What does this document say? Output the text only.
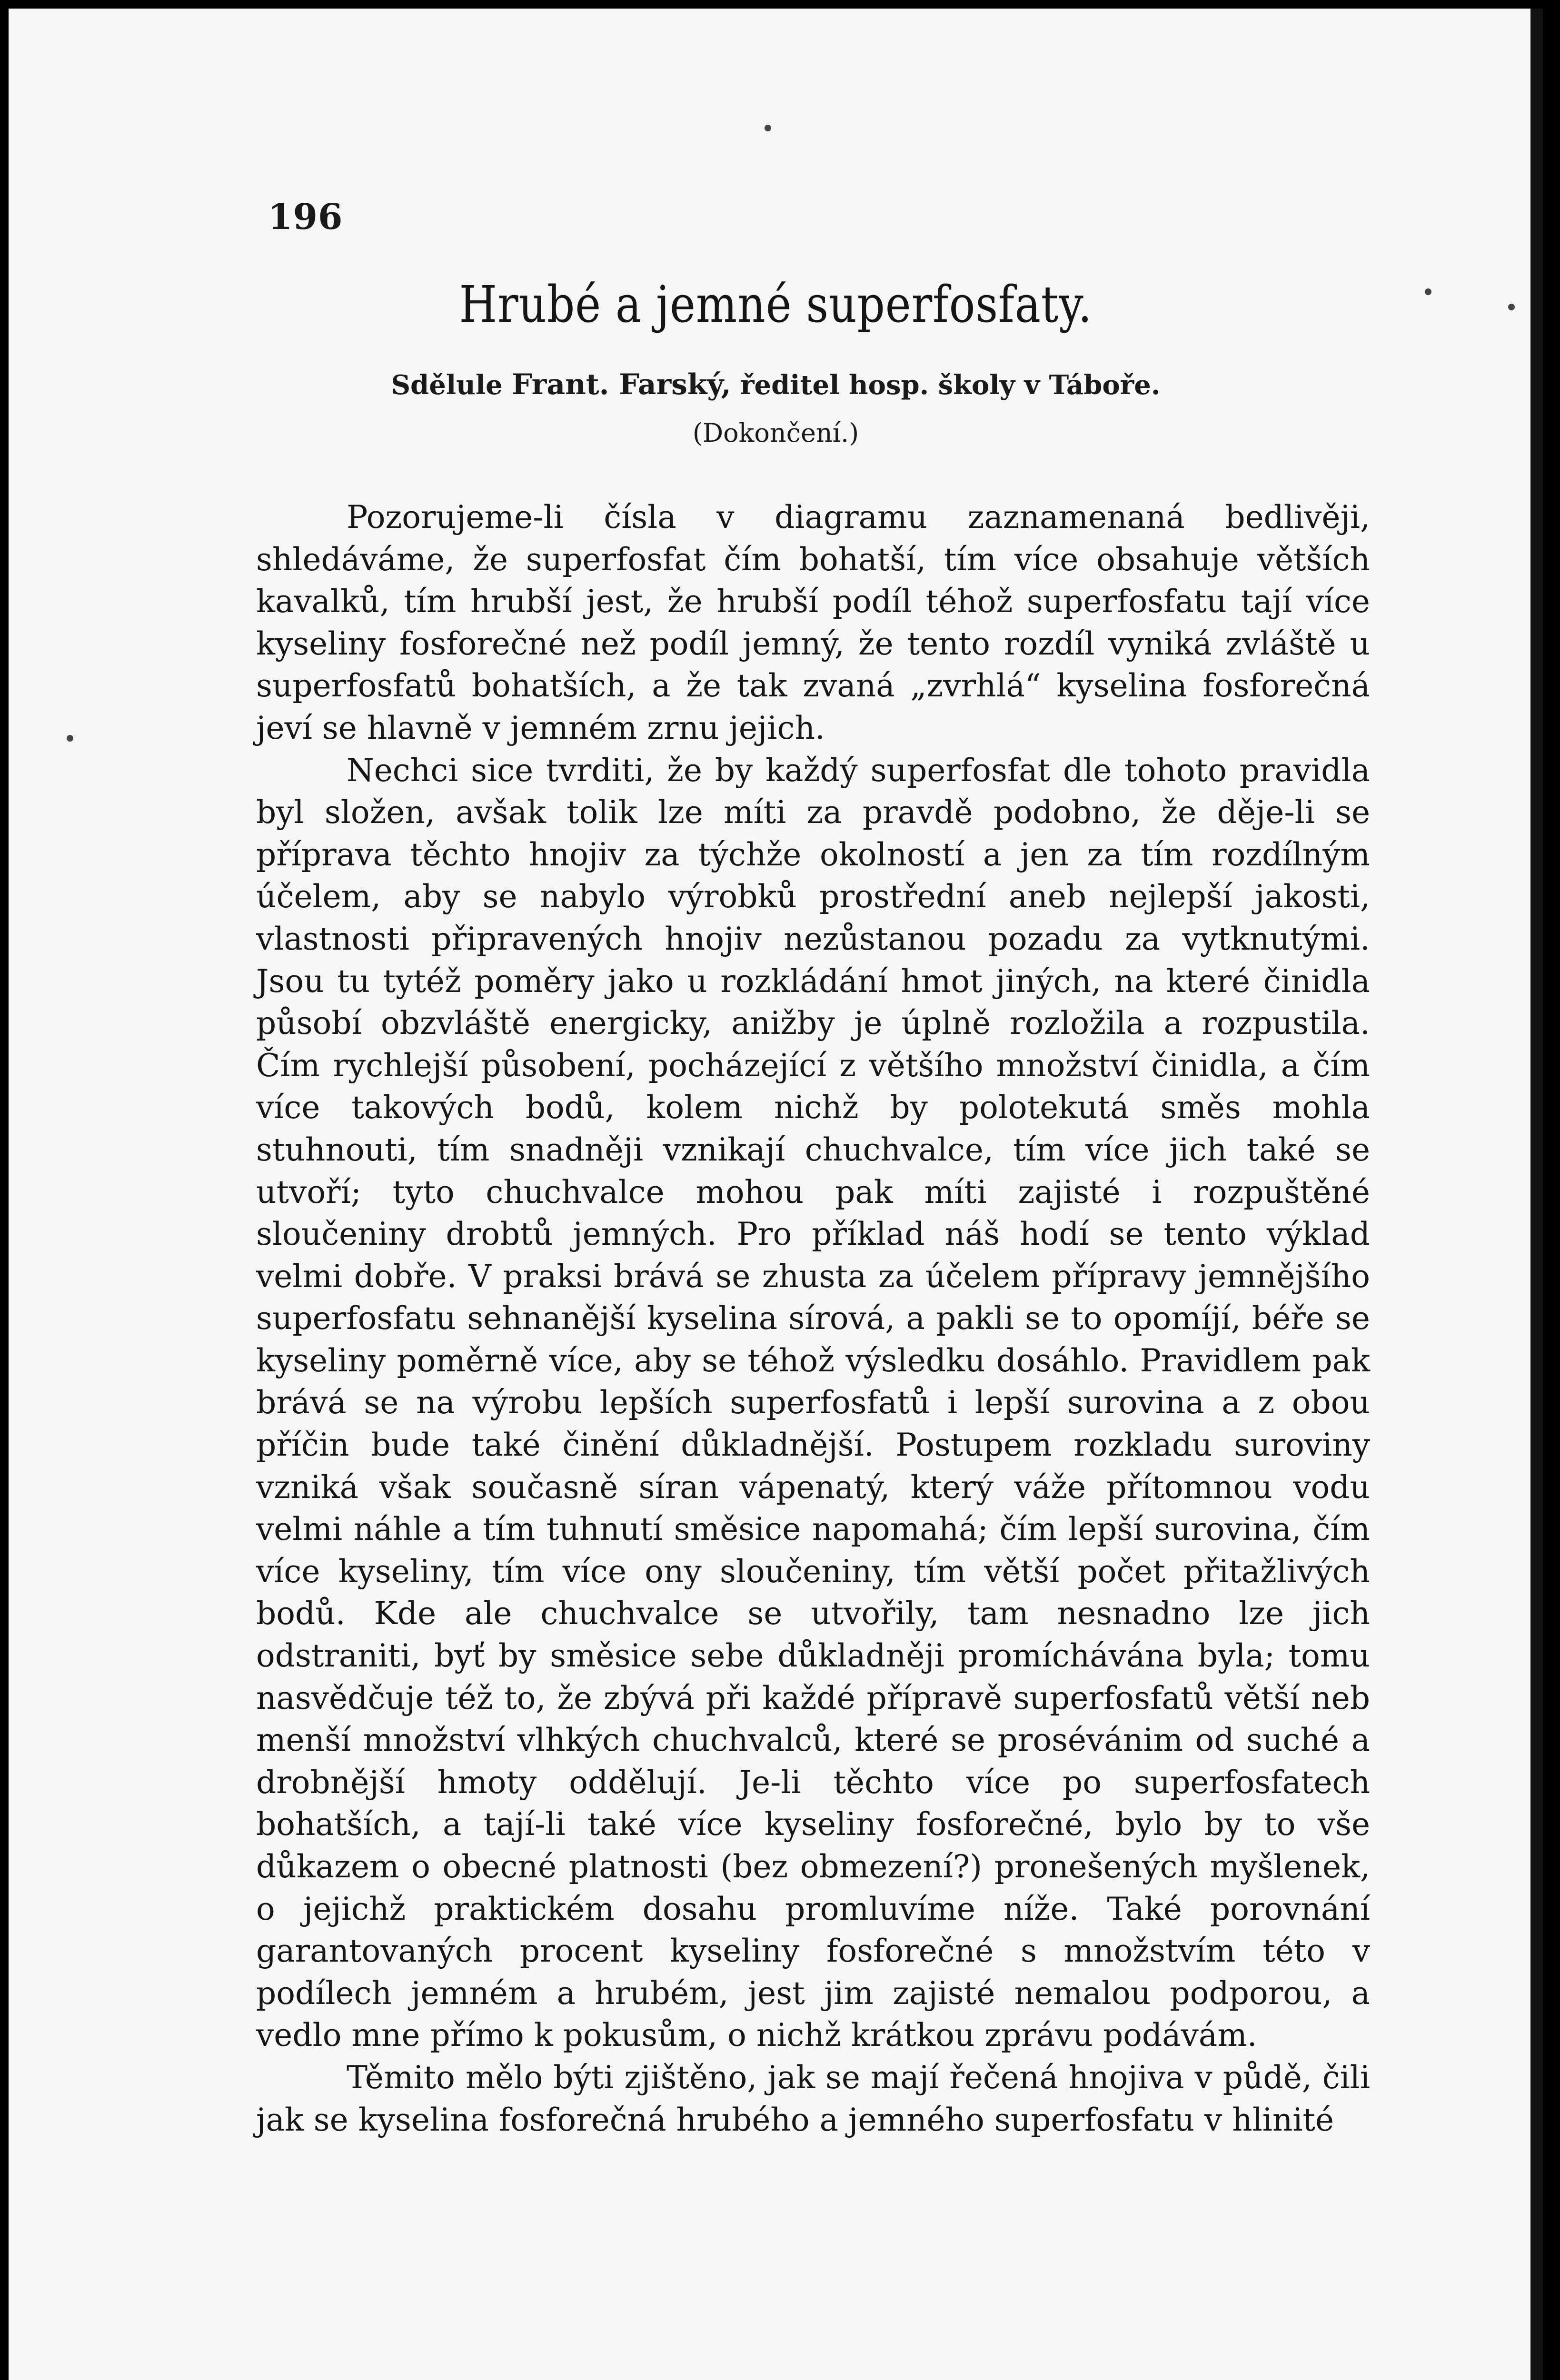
196
Hrubé a jemné superfosfaty.
Sdělule Frant. Farský, ředitel hosp. školy v Táboře.
(Dokončení.)

Pozorujeme-li čísla v diagramu zaznamenaná bedlivěji, shledáváme, že superfosfat čím bohatší, tím více obsahuje větších kavalků, tím hrubší jest, že hrubší podíl téhož superfosfatu tají více kyseliny fosforečné než podíl jemný, že tento rozdíl vyniká zvláště u superfosfatů bohatších, a že tak zvaná „zvrhlá“ kyselina fosforečná jeví se hlavně v jemném zrnu jejich.

Nechci sice tvrditi, že by každý superfosfat dle tohoto pravidla byl složen, avšak tolik lze míti za pravdě podobno, že děje-li se příprava těchto hnojiv za týchže okolností a jen za tím rozdílným účelem, aby se nabylo výrobků prostřední aneb nejlepší jakosti, vlastnosti připravených hnojiv nezůstanou pozadu za vytknutými. Jsou tu tytéž poměry jako u rozkládání hmot jiných, na které činidla působí obzvláště energicky, anižby je úplně rozložila a rozpustila. Čím rychlejší působení, pocházející z většího množství činidla, a čím více takových bodů, kolem nichž by polotekutá směs mohla stuhnouti, tím snadněji vznikají chuchvalce, tím více jich také se utvoří; tyto chuchvalce mohou pak míti zajisté i rozpuštěné sloučeniny drobtů jemných. Pro příklad náš hodí se tento výklad velmi dobře. V praksi brává se zhusta za účelem přípravy jemnějšího superfosfatu sehnanější kyselina sírová, a pakli se to opomíjí, béře se kyseliny poměrně více, aby se téhož výsledku dosáhlo. Pravidlem pak brává se na výrobu lepších superfosfatů i lepší surovina a z obou příčin bude také činění důkladnější. Postupem rozkladu suroviny vzniká však současně síran vápenatý, který váže přítomnou vodu velmi náhle a tím tuhnutí směsice napomahá; čím lepší surovina, čím více kyseliny, tím více ony sloučeniny, tím větší počet přitažlivých bodů. Kde ale chuchvalce se utvořily, tam nesnadno lze jich odstraniti, byť by směsice sebe důkladněji promíchávána byla; tomu nasvědčuje též to, že zbývá při každé přípravě superfosfatů větší neb menší množství vlhkých chuchvalců, které se prosévánim od suché a drobnější hmoty oddělují. Je-li těchto více po superfosfatech bohatších, a tají-li také více kyseliny fosforečné, bylo by to vše důkazem o obecné platnosti (bez obmezení?) pronešených myšlenek, o jejichž praktickém dosahu promluvíme níže. Také porovnání garantovaných procent kyseliny fosforečné s množstvím této v podílech jemném a hrubém, jest jim zajisté nemalou podporou, a vedlo mne přímo k pokusům, o nichž krátkou zprávu podávám.

Těmito mělo býti zjištěno, jak se mají řečená hnojiva v půdě, čili jak se kyselina fosforečná hrubého a jemného superfosfatu v hlinité
